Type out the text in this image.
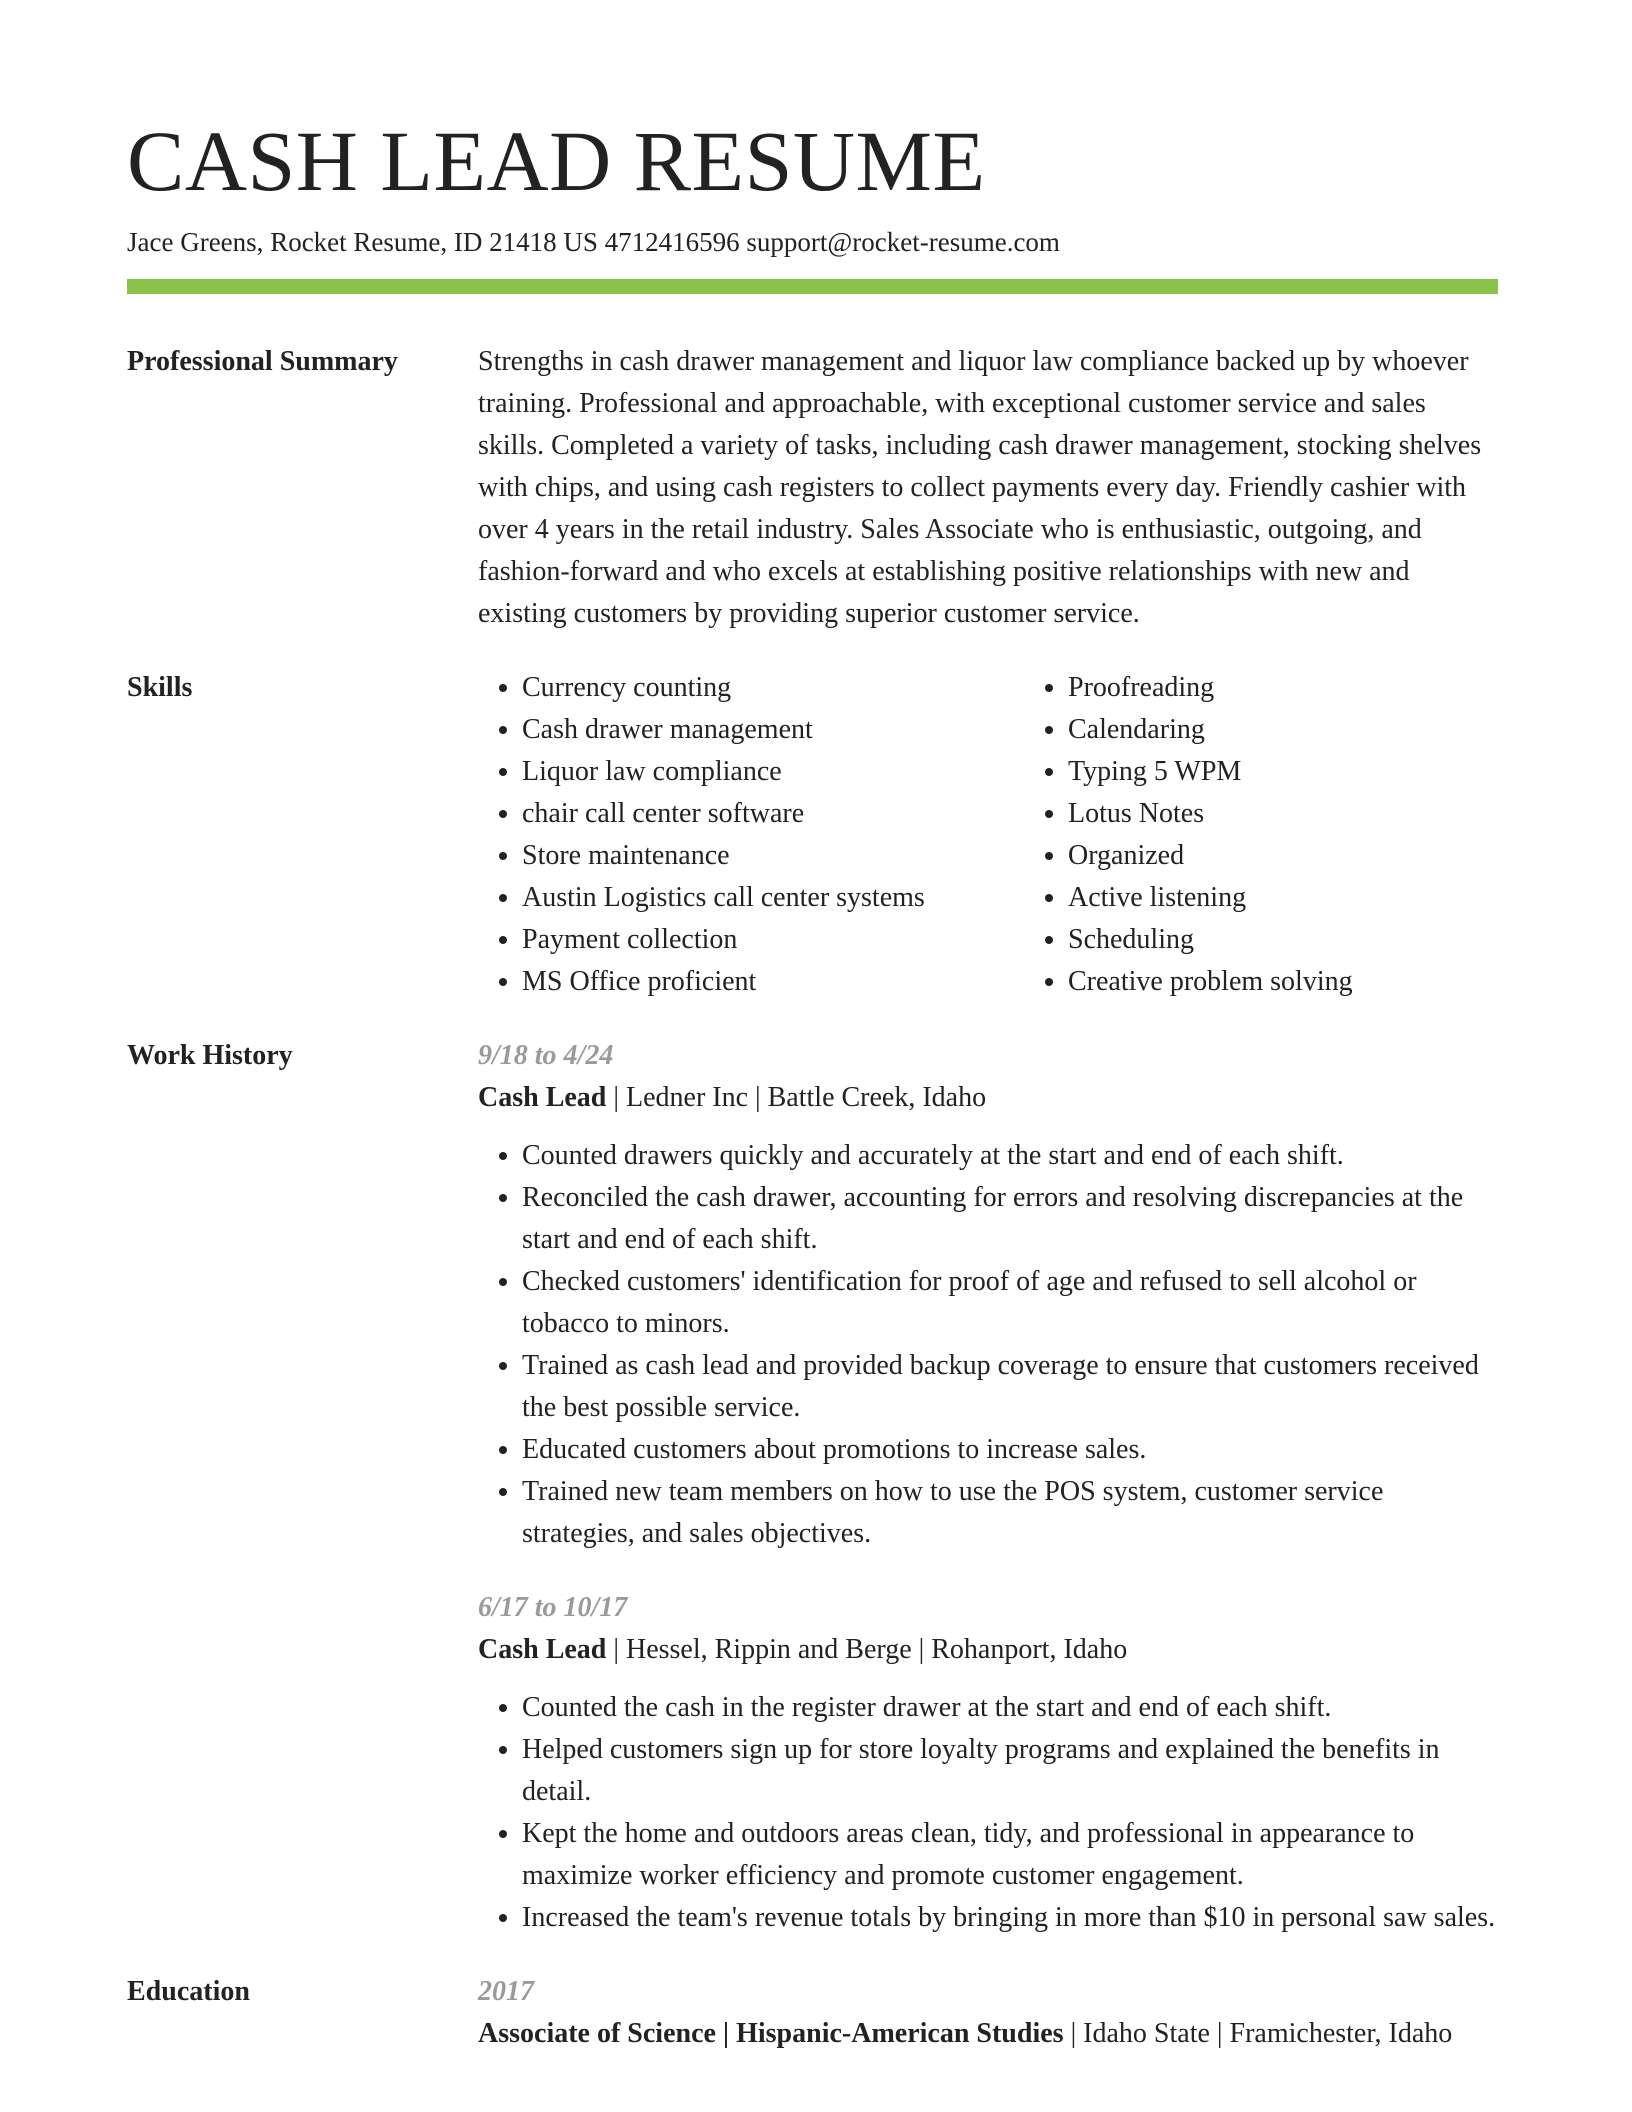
CASH LEAD RESUME
Jace Greens, Rocket Resume, ID 21418 US 4712416596 support@rocket-resume.com
Professional Summary	Strengths in cash drawer management and liquor law compliance backed up by whoever training. Professional and approachable, with exceptional customer service and sales skills. Completed a variety of tasks, including cash drawer management, stocking shelves with chips, and using cash registers to collect payments every day. Friendly cashier with over 4 years in the retail industry. Sales Associate who is enthusiastic, outgoing, and fashion-forward and who excels at establishing positive relationships with new and existing customers by providing superior customer service.

Skills
•	Currency counting
• Cash drawer management
• Liquor law compliance
• chair call center software
• Store maintenance
• Austin Logistics call center systems
• Payment collection
• MS Office proficient
• Proofreading
• Calendaring
• Typing 5 WPM
• Lotus Notes
• Organized
• Active listening
• Scheduling
• Creative problem solving
Work History	9/18 to 4/24
Cash Lead | Ledner Inc | Battle Creek, Idaho
• Counted drawers quickly and accurately at the start and end of each shift.
• Reconciled the cash drawer, accounting for errors and resolving discrepancies at the start and end of each shift.
• Checked customers' identification for proof of age and refused to sell alcohol or tobacco to minors.
• Trained as cash lead and provided backup coverage to ensure that customers received the best possible service.
• Educated customers about promotions to increase sales.
• Trained new team members on how to use the POS system, customer service strategies, and sales objectives.
6/17 to 10/17
Cash Lead | Hessel, Rippin and Berge | Rohanport, Idaho
• Counted the cash in the register drawer at the start and end of each shift.
• Helped customers sign up for store loyalty programs and explained the benefits in detail.
• Kept the home and outdoors areas clean, tidy, and professional in appearance to maximize worker efficiency and promote customer engagement.
• Increased the team's revenue totals by bringing in more than $10 in personal saw sales.
Education	2017
Associate of Science | Hispanic-American Studies | Idaho State | Framichester, Idaho
